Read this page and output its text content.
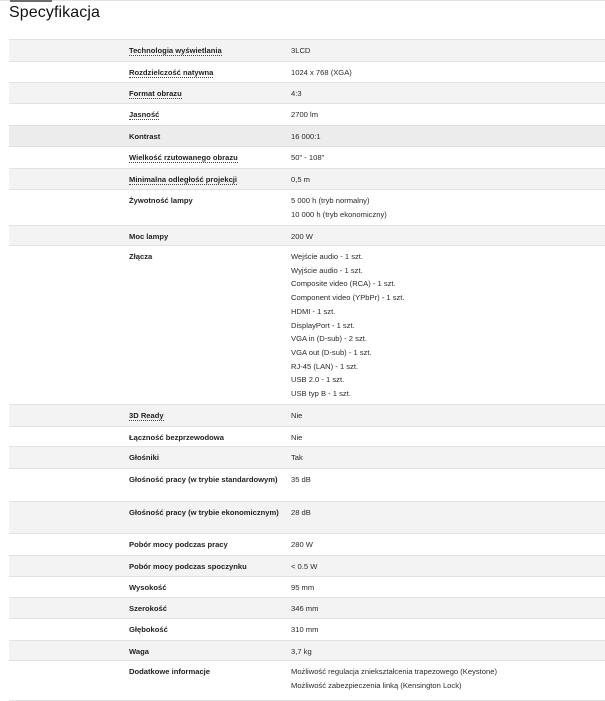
Specyfikacja
Technologia wyświetlania	3LCD
Rozdzielczość natywna	1024 x 768 (XGA)
Format obrazu	4:3
Jasność	2700 lm
Kontrast	16 000:1
Wielkość rzutowanego obrazu	50" - 108"
Minimalna odległość projekcji	0,5 m
Żywotność lampy	5 000 h (tryb normalny)
10 000 h (tryb ekonomiczny)
Moc lampy	200 W
Złącza	Wejście audio - 1 szt.
Wyjście audio - 1 szt.
Composite video (RCA) - 1 szt.
Component video (YPbPr) - 1 szt.
HDMI - 1 szt.
DisplayPort - 1 szt.
VGA in (D-sub) - 2 szt.
VGA out (D-sub) - 1 szt.
RJ-45 (LAN) - 1 szt.
USB 2.0 - 1 szt.
USB typ B - 1 szt.
3D Ready	Nie
Łączność bezprzewodowa	Nie
Głośniki	Tak
Głośność pracy (w trybie standardowym)	35 dB
Głośność pracy (w trybie ekonomicznym)	28 dB
Pobór mocy podczas pracy	280 W
Pobór mocy podczas spoczynku	< 0.5 W
Wysokość	95 mm
Szerokość	346 mm
Głębokość	310 mm
Waga	3,7 kg
Dodatkowe informacje	Możliwość regulacja zniekształcenia trapezowego (Keystone)
Możliwość zabezpieczenia linką (Kensington Lock)
